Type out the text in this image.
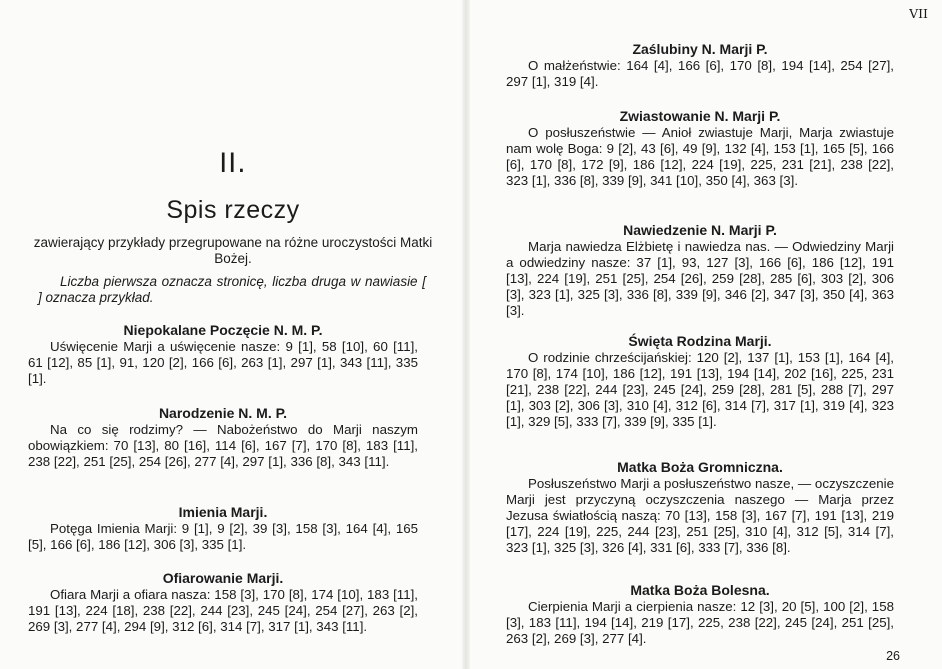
II.
Spis rzeczy
zawierający przykłady przegrupowane na różne uroczystości Matki Bożej.
Liczba pierwsza oznacza stronicę, liczba druga w nawiasie [ ] oznacza przykład.
Niepokalane Poczęcie N. M. P.

Uświęcenie Marji a uświęcenie nasze: 9 [1], 58 [10], 60 [11], 61 [12], 85 [1], 91, 120 [2], 166 [6], 263 [1], 297 [1], 343 [11], 335 [1].

Narodzenie N. M. P.

Na co się rodzimy? — Nabożeństwo do Marji naszym obowiązkiem: 70 [13], 80 [16], 114 [6], 167 [7], 170 [8], 183 [11], 238 [22], 251 [25], 254 [26], 277 [4], 297 [1], 336 [8], 343 [11].

Imienia Marji.

Potęga Imienia Marji: 9 [1], 9 [2], 39 [3], 158 [3], 164 [4], 165 [5], 166 [6], 186 [12], 306 [3], 335 [1].

Ofiarowanie Marji.

Ofiara Marji a ofiara nasza: 158 [3], 170 [8], 174 [10], 183 [11], 191 [13], 224 [18], 238 [22], 244 [23], 245 [24], 254 [27], 263 [2], 269 [3], 277 [4], 294 [9], 312 [6], 314 [7], 317 [1], 343 [11].

VII
Zaślubiny N. Marji P.

O małżeństwie: 164 [4], 166 [6], 170 [8], 194 [14], 254 [27], 297 [1], 319 [4].

Zwiastowanie N. Marji P.

O posłuszeństwie — Anioł zwiastuje Marji, Marja zwiastuje nam wolę Boga: 9 [2], 43 [6], 49 [9], 132 [4], 153 [1], 165 [5], 166 [6], 170 [8], 172 [9], 186 [12], 224 [19], 225, 231 [21], 238 [22], 323 [1], 336 [8], 339 [9], 341 [10], 350 [4], 363 [3].

Nawiedzenie N. Marji P.

Marja nawiedza Elżbietę i nawiedza nas. — Odwiedziny Marji a odwiedziny nasze: 37 [1], 93, 127 [3], 166 [6], 186 [12], 191 [13], 224 [19], 251 [25], 254 [26], 259 [28], 285 [6], 303 [2], 306 [3], 323 [1], 325 [3], 336 [8], 339 [9], 346 [2], 347 [3], 350 [4], 363 [3].

Święta Rodzina Marji.

O rodzinie chrześcijańskiej: 120 [2], 137 [1], 153 [1], 164 [4], 170 [8], 174 [10], 186 [12], 191 [13], 194 [14], 202 [16], 225, 231 [21], 238 [22], 244 [23], 245 [24], 259 [28], 281 [5], 288 [7], 297 [1], 303 [2], 306 [3], 310 [4], 312 [6], 314 [7], 317 [1], 319 [4], 323 [1], 329 [5], 333 [7], 339 [9], 335 [1].

Matka Boża Gromniczna.

Posłuszeństwo Marji a posłuszeństwo nasze, — oczyszczenie Marji jest przyczyną oczyszczenia naszego — Marja przez Jezusa światłością naszą: 70 [13], 158 [3], 167 [7], 191 [13], 219 [17], 224 [19], 225, 244 [23], 251 [25], 310 [4], 312 [5], 314 [7], 323 [1], 325 [3], 326 [4], 331 [6], 333 [7], 336 [8].

Matka Boża Bolesna.

Cierpienia Marji a cierpienia nasze: 12 [3], 20 [5], 100 [2], 158 [3], 183 [11], 194 [14], 219 [17], 225, 238 [22], 245 [24], 251 [25], 263 [2], 269 [3], 277 [4].

26
